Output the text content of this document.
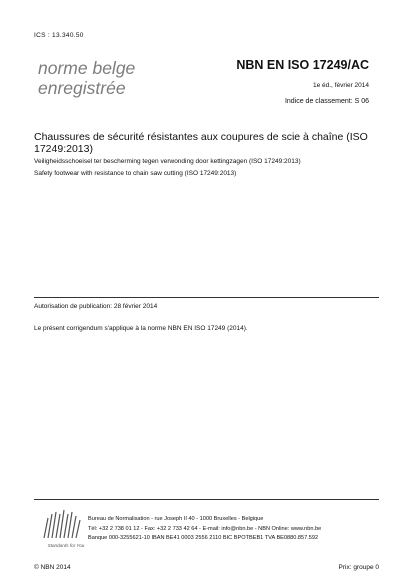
ICS : 13.340.50
norme belge
enregistrée
NBN EN ISO 17249/AC
1e éd., février 2014
Indice de classement: S 06
Chaussures de sécurité résistantes aux coupures de scie à chaîne (ISO 17249:2013)
Veiligheidsschoeisel ter bescherming tegen verwonding door kettingzagen (ISO 17249:2013)
Safety footwear with resistance to chain saw cutting (ISO 17249:2013)
Autorisation de publication: 28 février 2014
Le présent corrigendum s'applique à la norme NBN EN ISO 17249 (2014).
Standards for You
Bureau de Normalisation - rue Joseph II 40 - 1000 Bruxelles - Belgique
Tél: +32 2 738 01 12 - Fax: +32 2 733 42 64 - E-mail: info@nbn.be - NBN Online: www.nbn.be
Banque 000-3255621-10 IBAN BE41 0003 2556 2110 BIC BPOTBEB1 TVA BE0880.857.592
© NBN 2014	Prix: groupe 0
